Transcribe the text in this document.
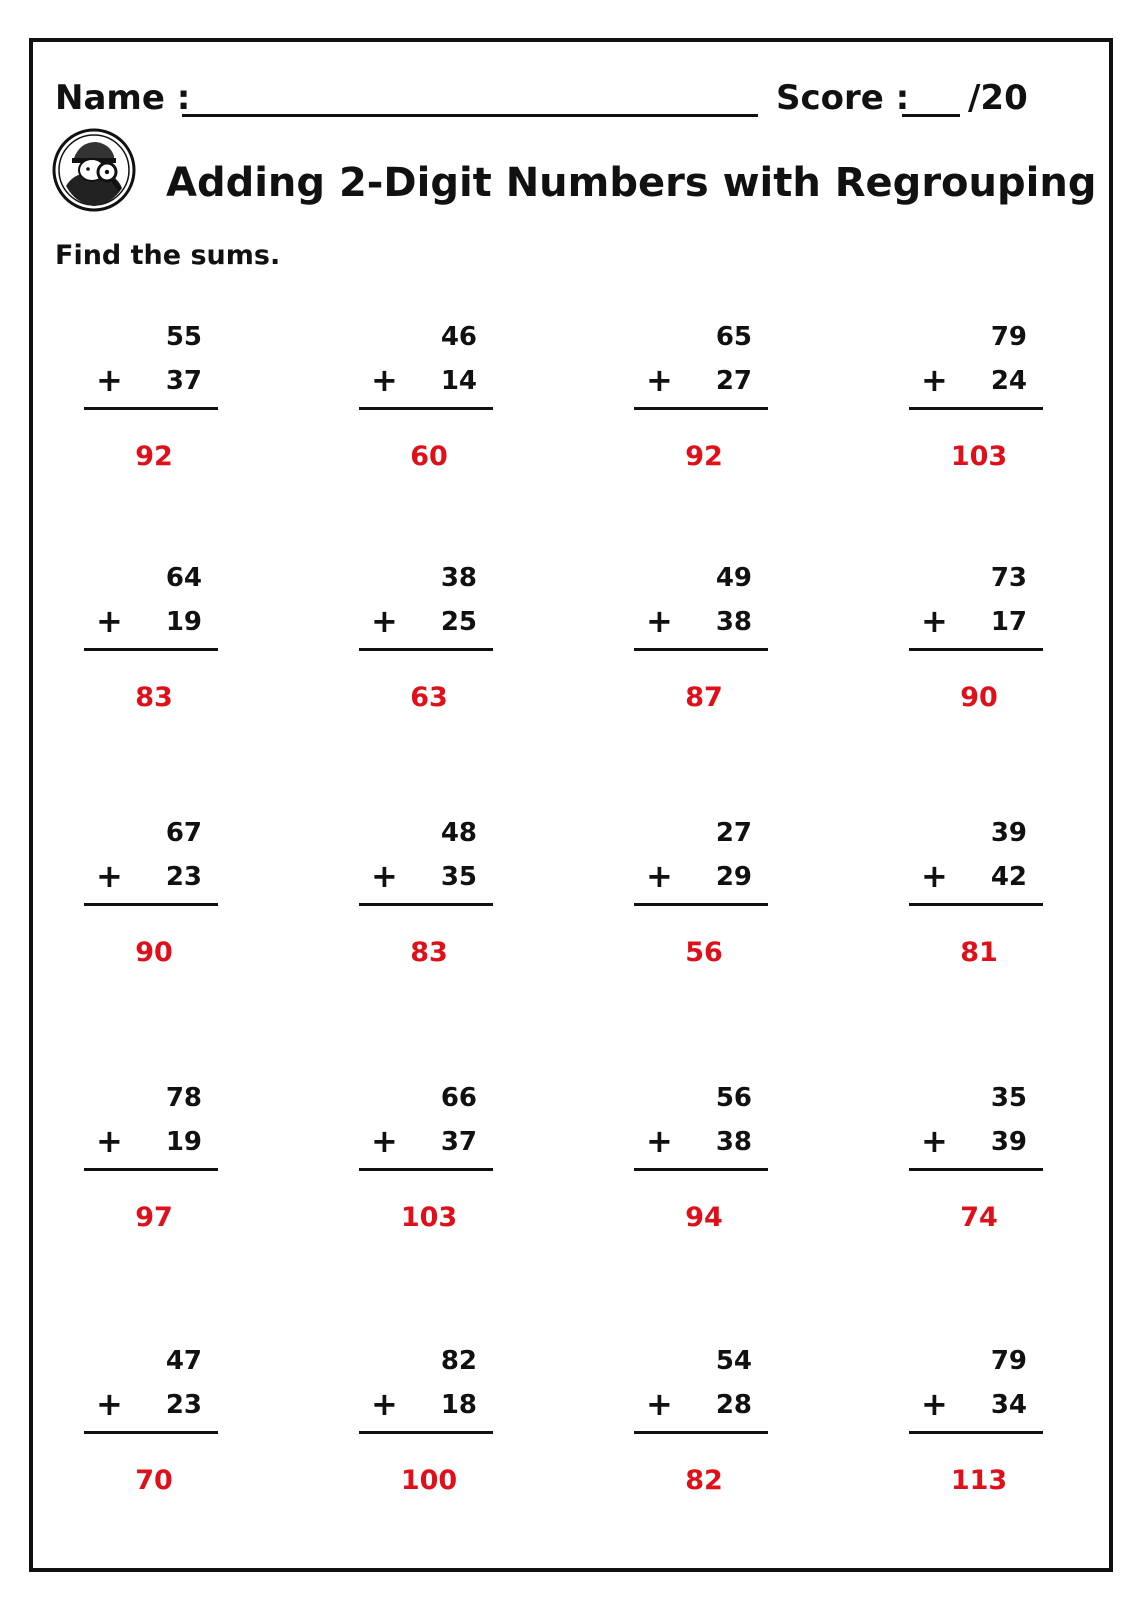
Name :	Score : /20
Adding 2-Digit Numbers with Regrouping
Find the sums.
55
+	37
92
46
+	14
60
65
+	27
92
79
+	24
103
64
+	19
83
38
+	25
63
49
+	38
87
73
+	17
90
67
+	23
90
48
+	35
83
27
+	29
56
39
+	42
81
78
+	19
97
66
+	37
103
56
+	38
94
35
+	39
74
47
+	23
70
82
+	18
100
54
+	28
82
79
+	34
113
